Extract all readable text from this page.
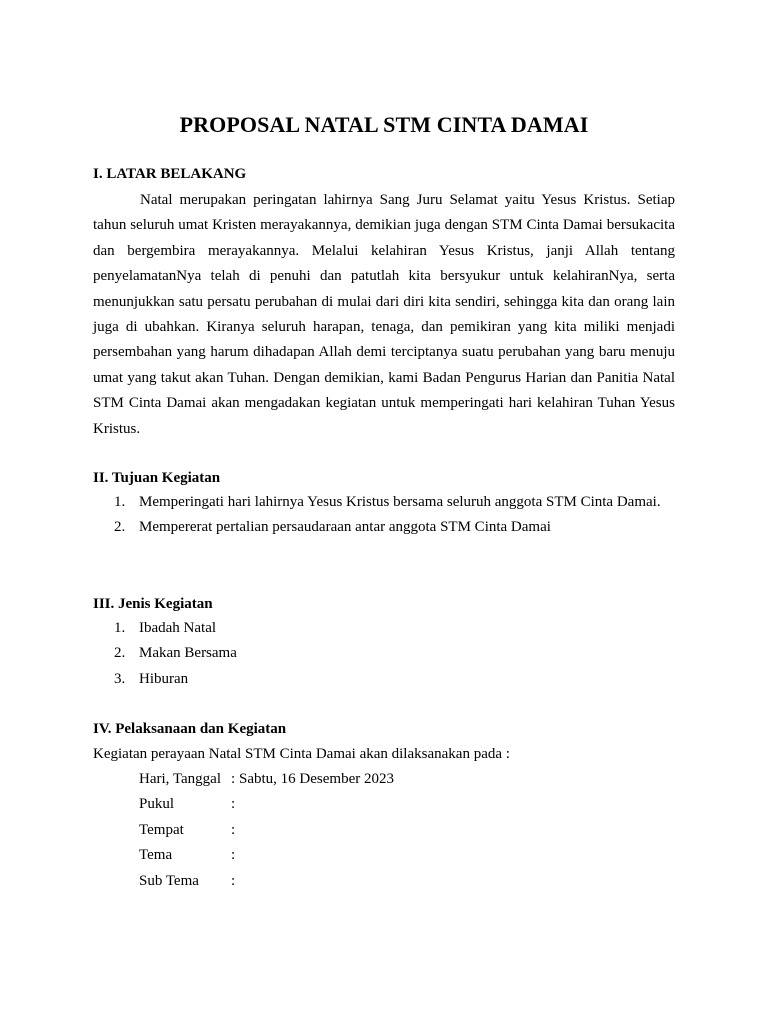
PROPOSAL NATAL STM CINTA DAMAI
I. LATAR BELAKANG
Natal merupakan peringatan lahirnya Sang Juru Selamat yaitu Yesus Kristus. Setiap tahun seluruh umat Kristen merayakannya, demikian juga dengan STM Cinta Damai bersukacita dan bergembira merayakannya. Melalui kelahiran Yesus Kristus, janji Allah tentang penyelamatanNya telah di penuhi dan patutlah kita bersyukur untuk kelahiranNya, serta menunjukkan satu persatu perubahan di mulai dari diri kita sendiri, sehingga kita dan orang lain juga di ubahkan. Kiranya seluruh harapan, tenaga, dan pemikiran yang kita miliki menjadi persembahan yang harum dihadapan Allah demi terciptanya suatu perubahan yang baru menuju umat yang takut akan Tuhan. Dengan demikian, kami Badan Pengurus Harian dan Panitia Natal STM Cinta Damai akan mengadakan kegiatan untuk memperingati hari kelahiran Tuhan Yesus Kristus.
II. Tujuan Kegiatan
1. Memperingati hari lahirnya Yesus Kristus bersama seluruh anggota STM Cinta Damai.
2. Mempererat pertalian persaudaraan antar anggota STM Cinta Damai
III. Jenis Kegiatan
1. Ibadah Natal
2. Makan Bersama
3. Hiburan
IV. Pelaksanaan dan Kegiatan
Kegiatan perayaan Natal STM Cinta Damai akan dilaksanakan pada :
Hari, Tanggal : Sabtu, 16 Desember 2023
Pukul	:
Tempat	:
Tema	:
Sub Tema	:
